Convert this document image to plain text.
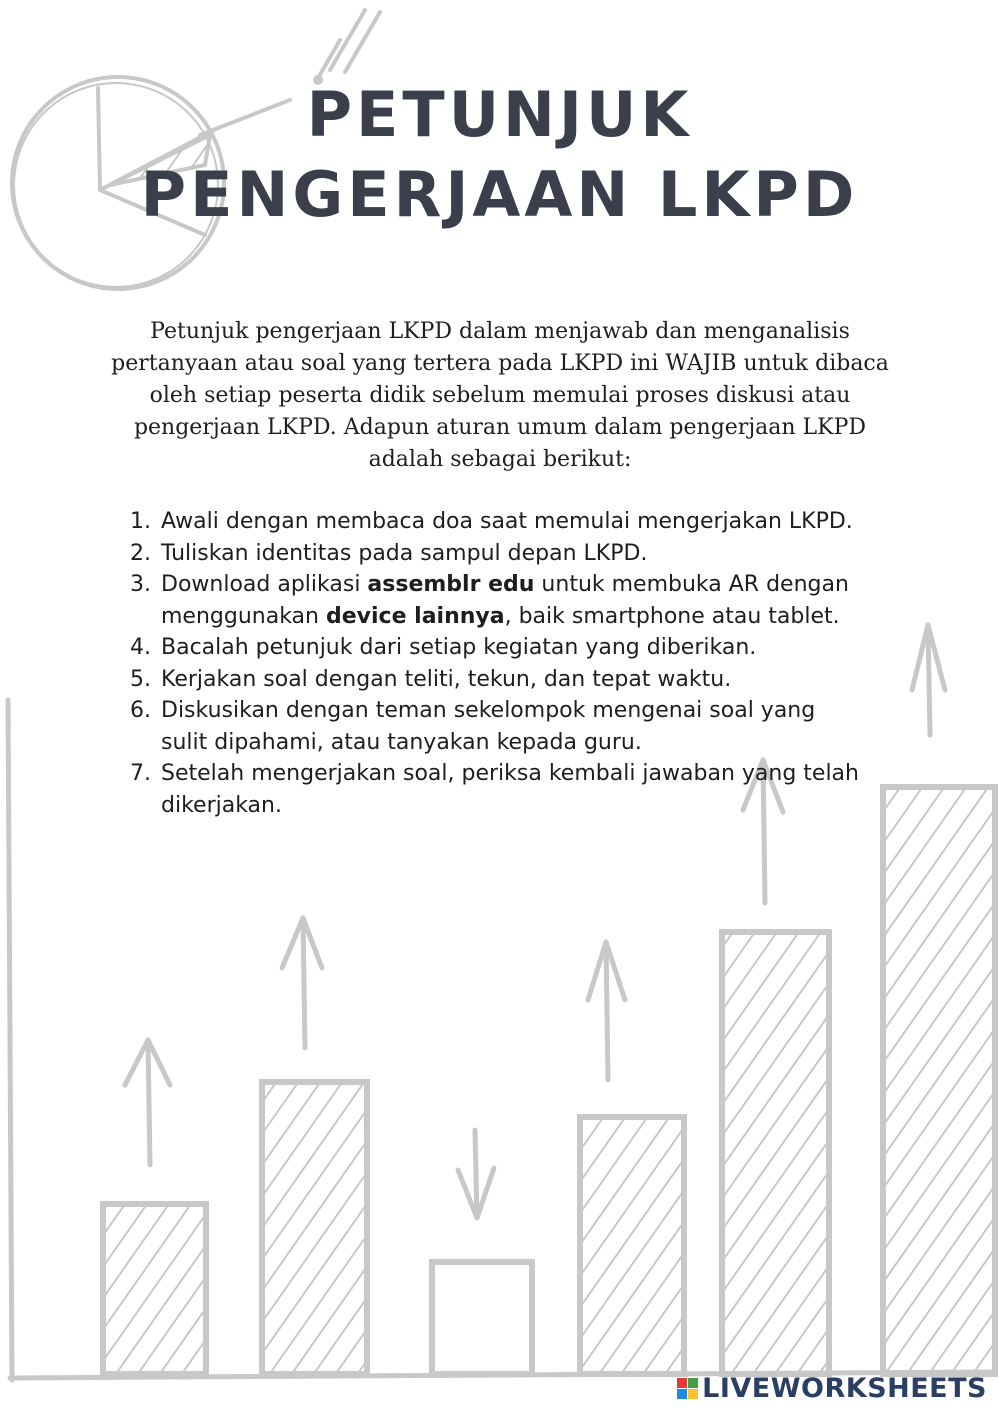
PETUNJUK
PENGERJAAN LKPD

Petunjuk pengerjaan LKPD dalam menjawab dan menganalisis pertanyaan atau soal yang tertera pada LKPD ini WAJIB untuk dibaca oleh setiap peserta didik sebelum memulai proses diskusi atau pengerjaan LKPD. Adapun aturan umum dalam pengerjaan LKPD adalah sebagai berikut:

1. Awali dengan membaca doa saat memulai mengerjakan LKPD.
2. Tuliskan identitas pada sampul depan LKPD.
3. Download aplikasi assemblr edu untuk membuka AR dengan menggunakan device lainnya, baik smartphone atau tablet.
4. Bacalah petunjuk dari setiap kegiatan yang diberikan.
5. Kerjakan soal dengan teliti, tekun, dan tepat waktu.
6. Diskusikan dengan teman sekelompok mengenai soal yang sulit dipahami, atau tanyakan kepada guru.
7. Setelah mengerjakan soal, periksa kembali jawaban yang telah dikerjakan.
LIVEWORKSHEETS
